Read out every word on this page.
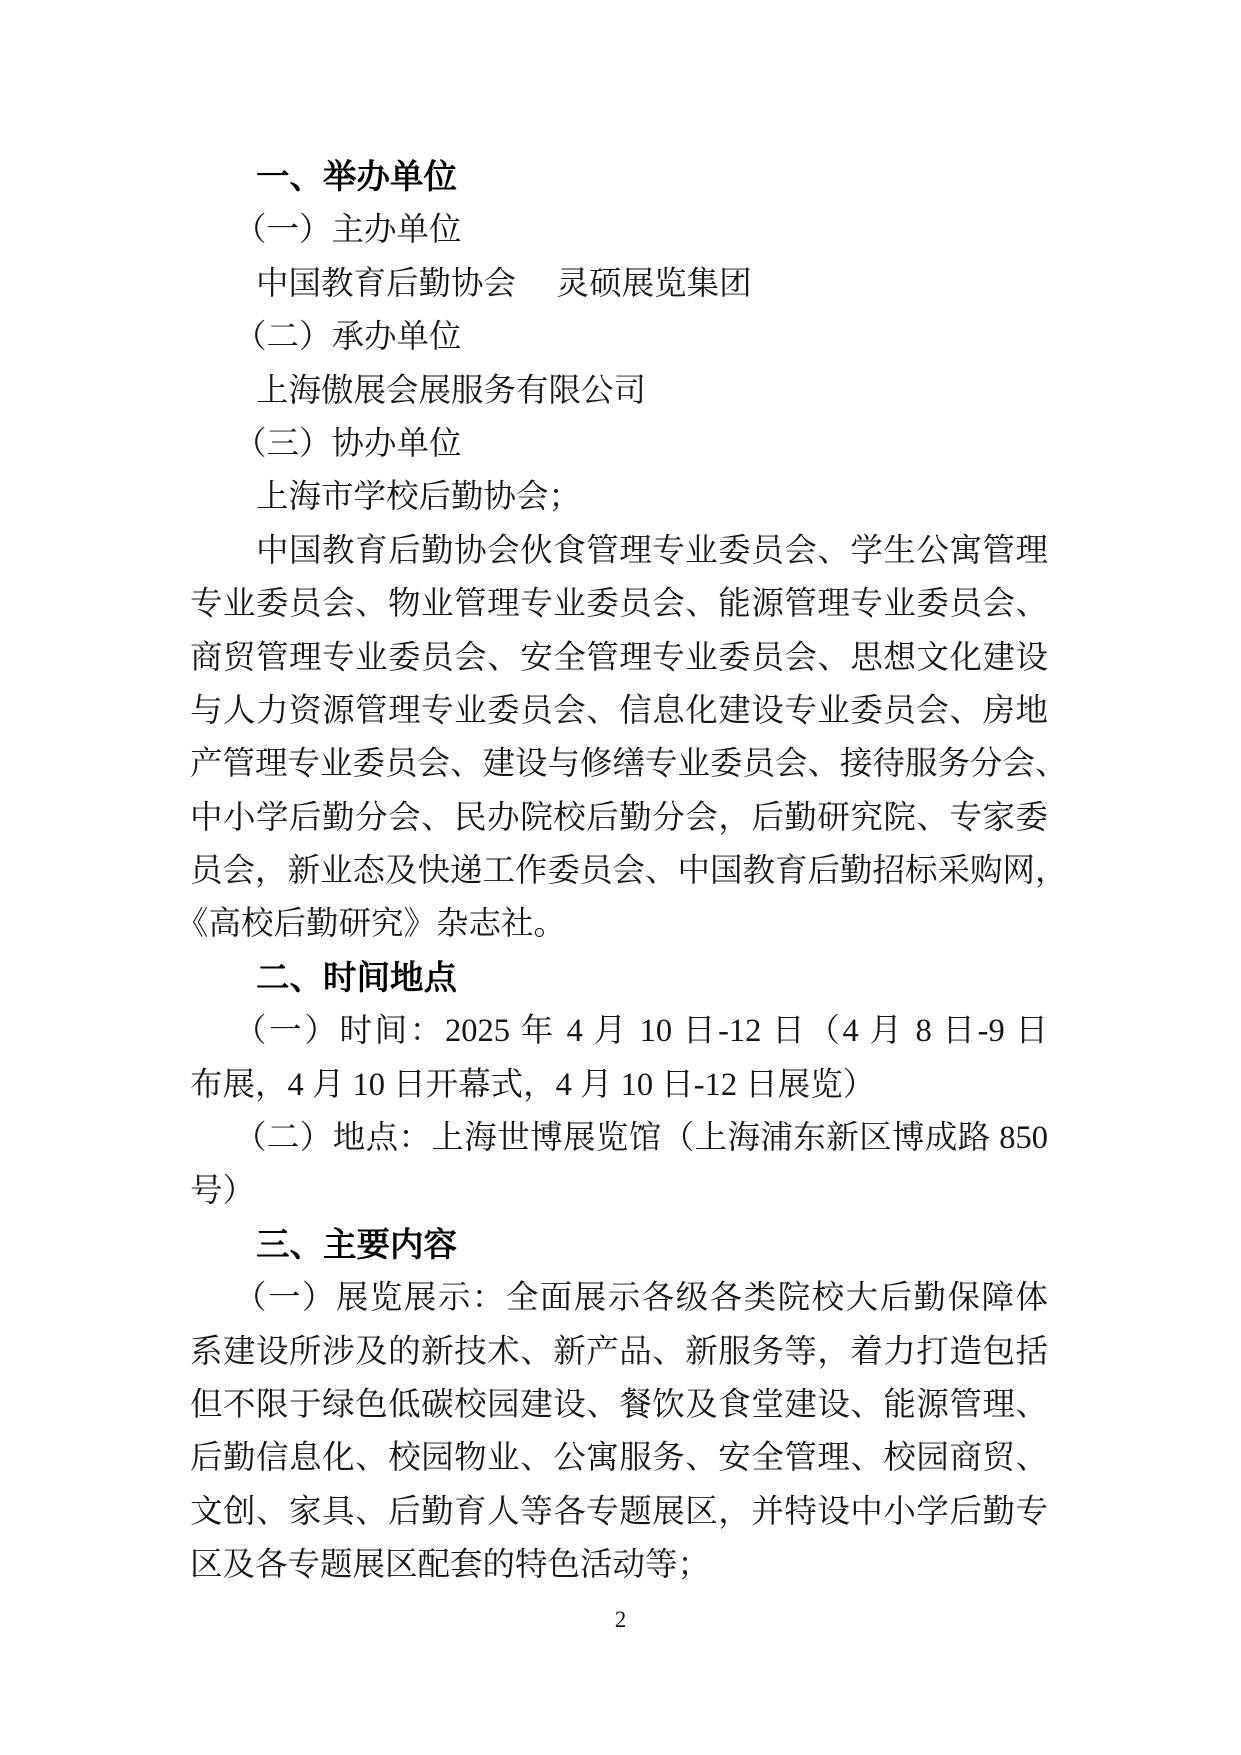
一、举办单位
（一）主办单位
中国教育后勤协会　 灵硕展览集团
（二）承办单位
上海傲展会展服务有限公司
（三）协办单位
上海市学校后勤协会；
中国教育后勤协会伙食管理专业委员会、学生公寓管理
专业委员会、物业管理专业委员会、能源管理专业委员会、
商贸管理专业委员会、安全管理专业委员会、思想文化建设
与人力资源管理专业委员会、信息化建设专业委员会、房地
产管理专业委员会、建设与修缮专业委员会、接待服务分会、
中小学后勤分会、民办院校后勤分会，后勤研究院、专家委
员会，新业态及快递工作委员会、中国教育后勤招标采购网，
《高校后勤研究》杂志社。
二、时间地点
（一）时间：2025 年 4 月 10 日-12 日（4 月 8 日-9 日
布展，4 月 10 日开幕式，4 月 10 日-12 日展览）
（二）地点：上海世博展览馆（上海浦东新区博成路 850
号）
三、主要内容
（一）展览展示：全面展示各级各类院校大后勤保障体
系建设所涉及的新技术、新产品、新服务等，着力打造包括
但不限于绿色低碳校园建设、餐饮及食堂建设、能源管理、
后勤信息化、校园物业、公寓服务、安全管理、校园商贸、
文创、家具、后勤育人等各专题展区，并特设中小学后勤专
区及各专题展区配套的特色活动等；
2
